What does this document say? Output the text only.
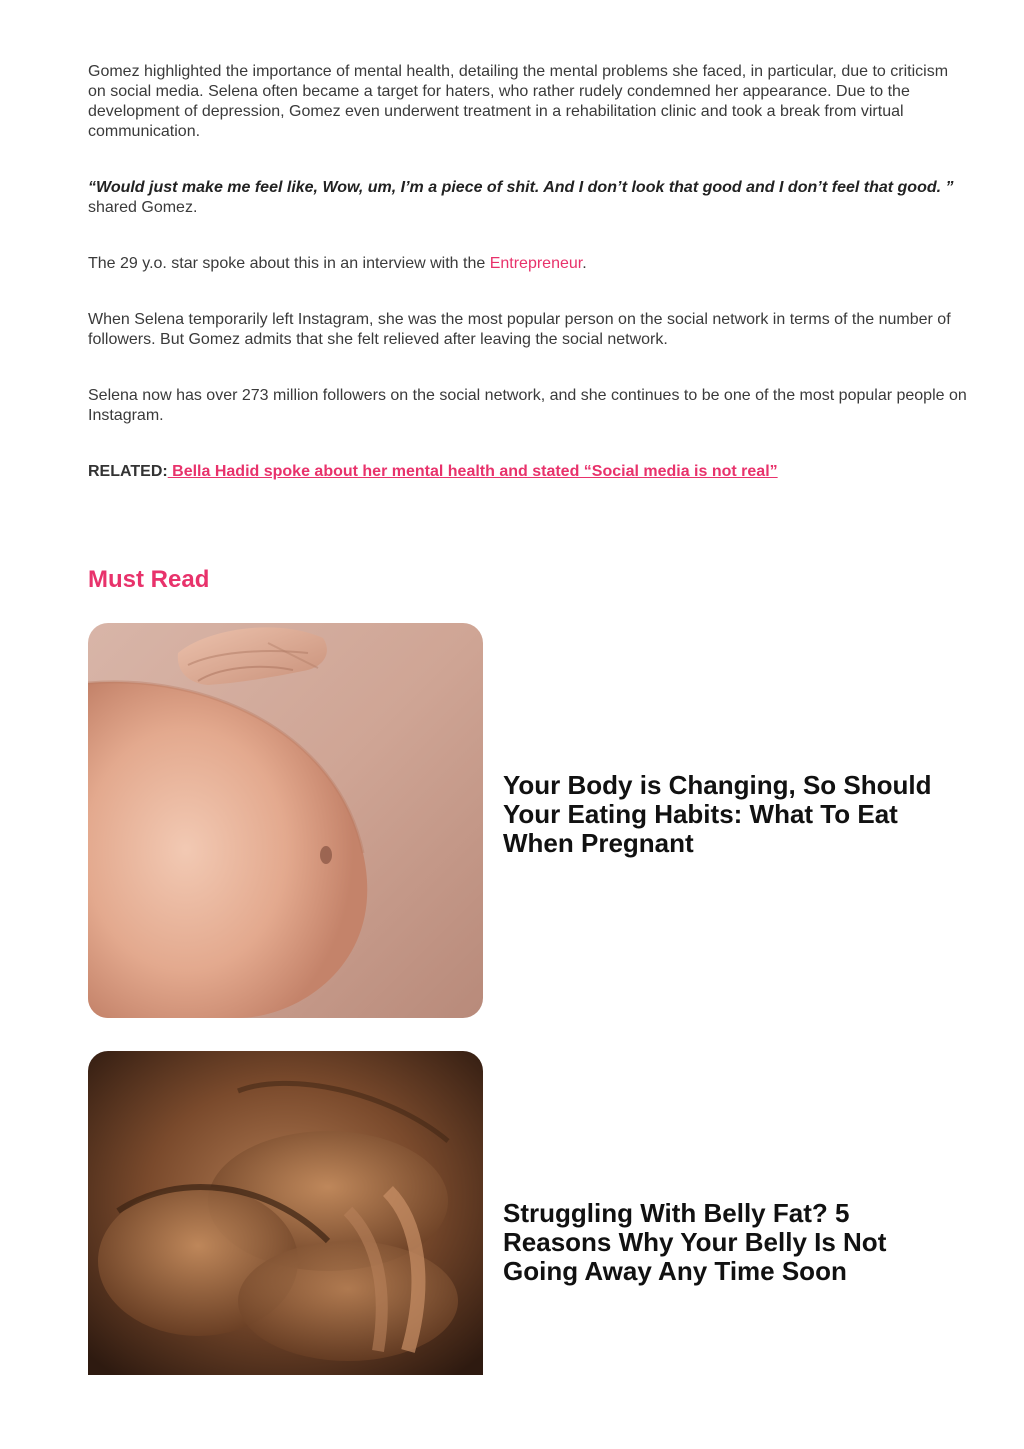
Gomez highlighted the importance of mental health, detailing the mental problems she faced, in particular, due to criticism on social media. Selena often became a target for haters, who rather rudely condemned her appearance. Due to the development of depression, Gomez even underwent treatment in a rehabilitation clinic and took a break from virtual communication.

“Would just make me feel like, Wow, um, I’m a piece of shit. And I don’t look that good and I don’t feel that good. ” shared Gomez.

The 29 y.o. star spoke about this in an interview with the Entrepreneur.

When Selena temporarily left Instagram, she was the most popular person on the social network in terms of the number of followers. But Gomez admits that she felt relieved after leaving the social network.

Selena now has over 273 million followers on the social network, and she continues to be one of the most popular people on Instagram.

RELATED: Bella Hadid spoke about her mental health and stated “Social media is not real”

Must Read
Your Body is Changing, So Should Your Eating Habits: What To Eat When Pregnant
Struggling With Belly Fat? 5 Reasons Why Your Belly Is Not Going Away Any Time Soon
